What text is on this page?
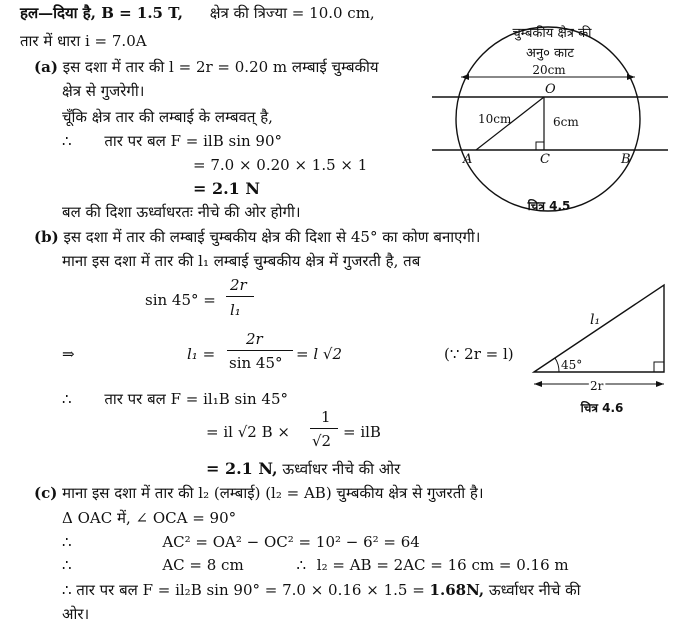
हल—दिया है, B = 1.5 T, क्षेत्र की त्रिज्या = 10.0 cm,
तार में धारा i = 7.0A
(a) इस दशा में तार की l = 2r = 0.20 m लम्बाई चुम्बकीय
क्षेत्र से गुजरेगी।
चूँकि क्षेत्र तार की लम्बाई के लम्बवत् है,
∴ तार पर बल F = ilB sin 90°
= 7.0 × 0.20 × 1.5 × 1
= 2.1 N
बल की दिशा ऊर्ध्वाधरतः नीचे की ओर होगी।
(b) इस दशा में तार की लम्बाई चुम्बकीय क्षेत्र की दिशा से 45° का कोण बनाएगी।
माना इस दशा में तार की l₁ लम्बाई चुम्बकीय क्षेत्र में गुजरती है, तब
sin 45° =
2r
l₁
⇒	l₁ =
2r
sin 45° = l √2	(∵ 2r = l)
∴ तार पर बल F = il₁B sin 45°
= il √2 B ×
1
√2 = ilB
= 2.1 N, ऊर्ध्वाधर नीचे की ओर
(c) माना इस दशा में तार की l₂ (लम्बाई) (l₂ = AB) चुम्बकीय क्षेत्र से गुजरती है।
Δ OAC में, ∠ OCA = 90°
∴	AC² = OA² − OC² = 10² − 6² = 64
∴	AC = 8 cm	∴ l₂ = AB = 2AC = 16 cm = 0.16 m
∴ तार पर बल F = il₂B sin 90° = 7.0 × 0.16 × 1.5 = 1.68N, ऊर्ध्वाधर नीचे की
ओर।
चुम्बकीय क्षेत्र की
अनु० काट
20cm
O
10cm	6cm
A	C	B
चित्र 4.5
l₁
45°
2r
चित्र 4.6
